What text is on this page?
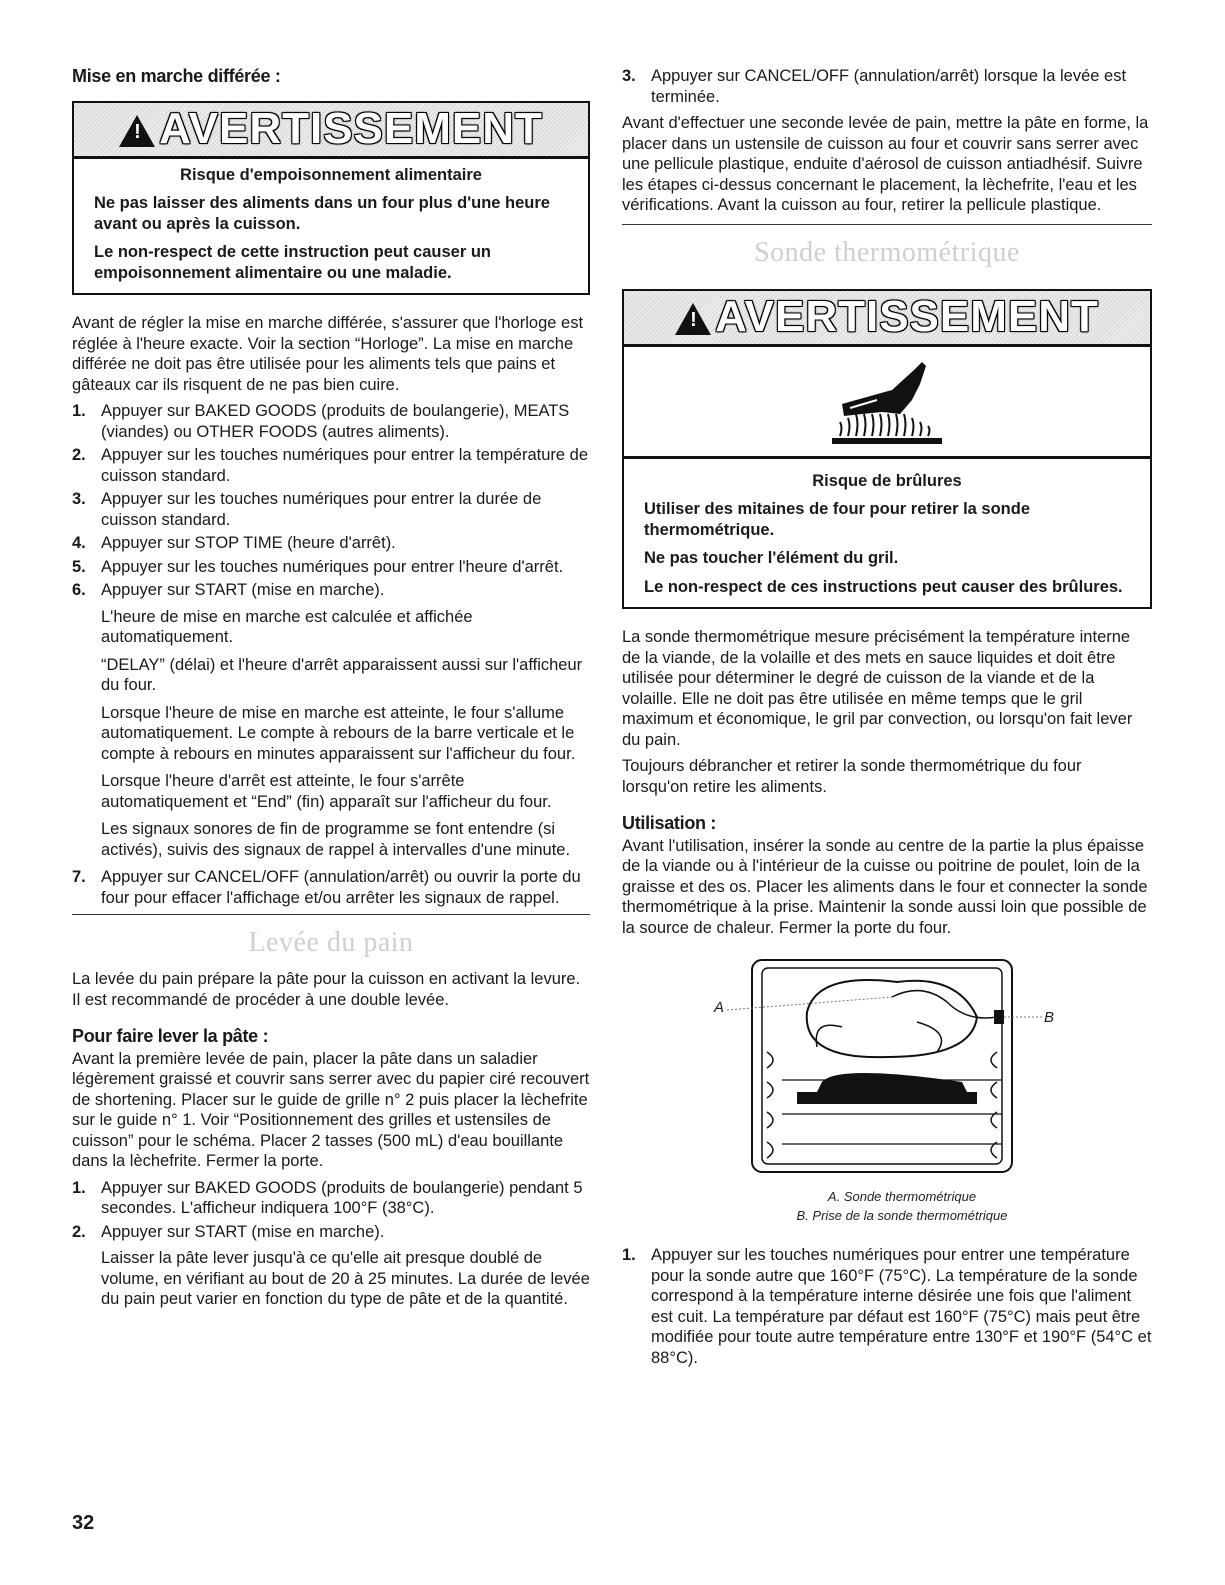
Mise en marche différée :
! AVERTISSEMENT
Risque d'empoisonnement alimentaire

Ne pas laisser des aliments dans un four plus d'une heure avant ou après la cuisson.

Le non-respect de cette instruction peut causer un empoisonnement alimentaire ou une maladie.

Avant de régler la mise en marche différée, s'assurer que l'horloge est réglée à l'heure exacte. Voir la section “Horloge”. La mise en marche différée ne doit pas être utilisée pour les aliments tels que pains et gâteaux car ils risquent de ne pas bien cuire.
1. Appuyer sur BAKED GOODS (produits de boulangerie), MEATS (viandes) ou OTHER FOODS (autres aliments).
2. Appuyer sur les touches numériques pour entrer la température de cuisson standard.
3. Appuyer sur les touches numériques pour entrer la durée de cuisson standard.
4. Appuyer sur STOP TIME (heure d'arrêt).
5. Appuyer sur les touches numériques pour entrer l'heure d'arrêt.
6. Appuyer sur START (mise en marche).
L'heure de mise en marche est calculée et affichée automatiquement.
“DELAY” (délai) et l'heure d'arrêt apparaissent aussi sur l'afficheur du four.
Lorsque l'heure de mise en marche est atteinte, le four s'allume automatiquement. Le compte à rebours de la barre verticale et le compte à rebours en minutes apparaissent sur l'afficheur du four.
Lorsque l'heure d'arrêt est atteinte, le four s'arrête automatiquement et “End” (fin) apparaît sur l'afficheur du four.
Les signaux sonores de fin de programme se font entendre (si activés), suivis des signaux de rappel à intervalles d'une minute.
7. Appuyer sur CANCEL/OFF (annulation/arrêt) ou ouvrir la porte du four pour effacer l'affichage et/ou arrêter les signaux de rappel.
Levée du pain
La levée du pain prépare la pâte pour la cuisson en activant la levure. Il est recommandé de procéder à une double levée.
Pour faire lever la pâte :
Avant la première levée de pain, placer la pâte dans un saladier légèrement graissé et couvrir sans serrer avec du papier ciré recouvert de shortening. Placer sur le guide de grille n° 2 puis placer la lèchefrite sur le guide n° 1. Voir “Positionnement des grilles et ustensiles de cuisson” pour le schéma. Placer 2 tasses (500 mL) d'eau bouillante dans la lèchefrite. Fermer la porte.
1. Appuyer sur BAKED GOODS (produits de boulangerie) pendant 5 secondes. L'afficheur indiquera 100°F (38°C).
2. Appuyer sur START (mise en marche).
Laisser la pâte lever jusqu'à ce qu'elle ait presque doublé de volume, en vérifiant au bout de 20 à 25 minutes. La durée de levée du pain peut varier en fonction du type de pâte et de la quantité.
3. Appuyer sur CANCEL/OFF (annulation/arrêt) lorsque la levée est terminée.
Avant d'effectuer une seconde levée de pain, mettre la pâte en forme, la placer dans un ustensile de cuisson au four et couvrir sans serrer avec une pellicule plastique, enduite d'aérosol de cuisson antiadhésif. Suivre les étapes ci-dessus concernant le placement, la lèchefrite, l'eau et les vérifications. Avant la cuisson au four, retirer la pellicule plastique.
Sonde thermométrique
! AVERTISSEMENT
Risque de brûlures

Utiliser des mitaines de four pour retirer la sonde thermométrique.

Ne pas toucher l'élément du gril.

Le non-respect de ces instructions peut causer des brûlures.

La sonde thermométrique mesure précisément la température interne de la viande, de la volaille et des mets en sauce liquides et doit être utilisée pour déterminer le degré de cuisson de la viande et de la volaille. Elle ne doit pas être utilisée en même temps que le gril maximum et économique, le gril par convection, ou lorsqu'on fait lever du pain.
Toujours débrancher et retirer la sonde thermométrique du four lorsqu'on retire les aliments.
Utilisation :
Avant l'utilisation, insérer la sonde au centre de la partie la plus épaisse de la viande ou à l'intérieur de la cuisse ou poitrine de poulet, loin de la graisse et des os. Placer les aliments dans le four et connecter la sonde thermométrique à la prise. Maintenir la sonde aussi loin que possible de la source de chaleur. Fermer la porte du four.
A
B
A. Sonde thermométrique
B. Prise de la sonde thermométrique
1. Appuyer sur les touches numériques pour entrer une température pour la sonde autre que 160°F (75°C). La température de la sonde correspond à la température interne désirée une fois que l'aliment est cuit. La température par défaut est 160°F (75°C) mais peut être modifiée pour toute autre température entre 130°F et 190°F (54°C et 88°C).
32
